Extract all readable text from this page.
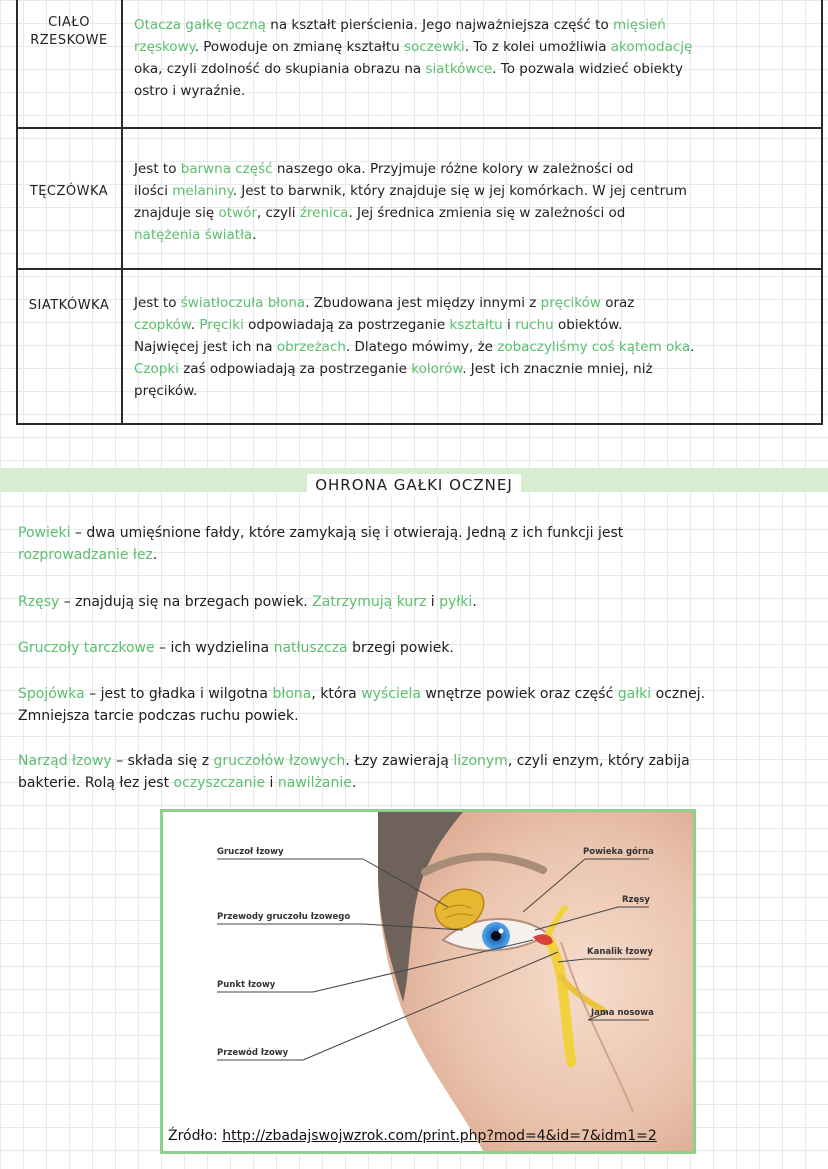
CIAŁO RZESKOWE
Otacza gałkę oczną na kształt pierścienia. Jego najważniejsza część to mięsień
rzęskowy. Powoduje on zmianę kształtu soczewki. To z kolei umożliwia akomodację
oka, czyli zdolność do skupiania obrazu na siatkówce. To pozwala widzieć obiekty
ostro i wyraźnie.
TĘCZÓWKA
Jest to barwna część naszego oka. Przyjmuje różne kolory w zależności od
ilości melaniny. Jest to barwnik, który znajduje się w jej komórkach. W jej centrum
znajduje się otwór, czyli źrenica. Jej średnica zmienia się w zależności od
natężenia światła.
SIATKÓWKA	Jest to światłoczuła błona. Zbudowana jest między innymi z pręcików oraz
czopków. Pręciki odpowiadają za postrzeganie kształtu i ruchu obiektów.
Najwięcej jest ich na obrzeżach. Dlatego mówimy, że zobaczyliśmy coś kątem oka.
Czopki zaś odpowiadają za postrzeganie kolorów. Jest ich znacznie mniej, niż
pręcików.
OHRONA GAŁKI OCZNEJ
Powieki – dwa umięśnione fałdy, które zamykają się i otwierają. Jedną z ich funkcji jest
rozprowadzanie łez.
Rzęsy – znajdują się na brzegach powiek. Zatrzymują kurz i pyłki.
Gruczoły tarczkowe – ich wydzielina natłuszcza brzegi powiek.
Spojówka – jest to gładka i wilgotna błona, która wyściela wnętrze powiek oraz część gałki ocznej.
Zmniejsza tarcie podczas ruchu powiek.
Narząd łzowy – składa się z gruczołów łzowych. Łzy zawierają lizonym, czyli enzym, który zabija
bakterie. Rolą łez jest oczyszczanie i nawilżanie.
Gruczoł łzowy
Przewody gruczołu łzowego
Punkt łzowy
Przewód łzowy
Powieka górna
Rzęsy
Kanalik łzowy
Jama nosowa
Źródło: http://zbadajswojwzrok.com/print.php?mod=4&id=7&idm1=2
